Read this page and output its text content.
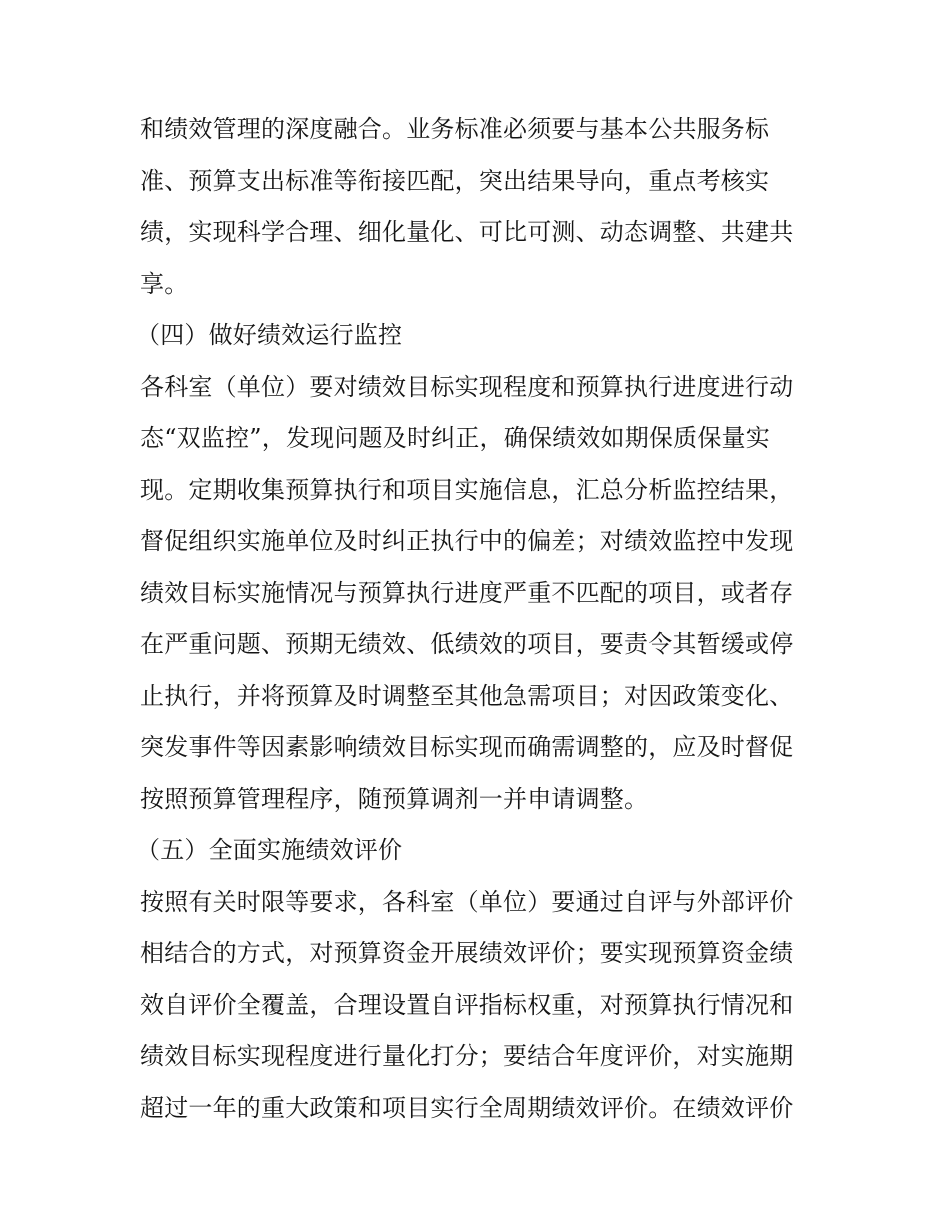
和绩效管理的深度融合。业务标准必须要与基本公共服务标
准、预算支出标准等衔接匹配，突出结果导向，重点考核实
绩，实现科学合理、细化量化、可比可测、动态调整、共建共
享。
（四）做好绩效运行监控
各科室（单位）要对绩效目标实现程度和预算执行进度进行动
态“双监控”，发现问题及时纠正，确保绩效如期保质保量实
现。定期收集预算执行和项目实施信息，汇总分析监控结果，
督促组织实施单位及时纠正执行中的偏差；对绩效监控中发现
绩效目标实施情况与预算执行进度严重不匹配的项目，或者存
在严重问题、预期无绩效、低绩效的项目，要责令其暂缓或停
止执行，并将预算及时调整至其他急需项目；对因政策变化、
突发事件等因素影响绩效目标实现而确需调整的，应及时督促
按照预算管理程序，随预算调剂一并申请调整。
（五）全面实施绩效评价
按照有关时限等要求，各科室（单位）要通过自评与外部评价
相结合的方式，对预算资金开展绩效评价；要实现预算资金绩
效自评价全覆盖，合理设置自评指标权重，对预算执行情况和
绩效目标实现程度进行量化打分；要结合年度评价，对实施期
超过一年的重大政策和项目实行全周期绩效评价。在绩效评价
